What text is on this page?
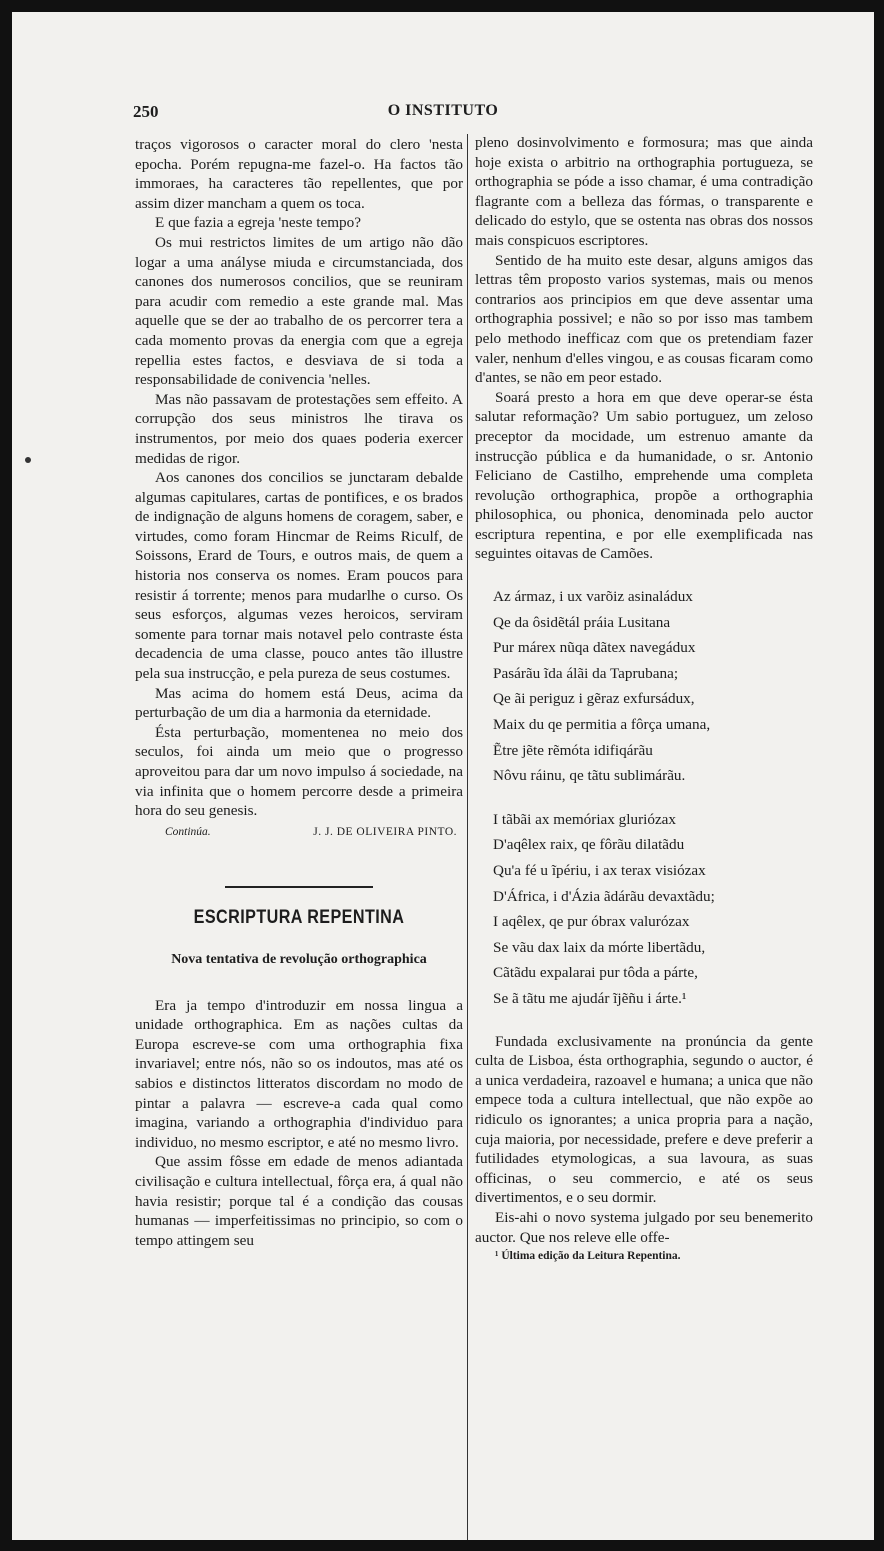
250	O INSTITUTO

traços vigorosos o caracter moral do clero 'nesta epocha. Porém repugna-me fazel-o. Ha factos tão immoraes, ha caracteres tão repellentes, que por assim dizer mancham a quem os toca.

E que fazia a egreja 'neste tempo?

Os mui restrictos limites de um artigo não dão logar a uma anályse miuda e circumstanciada, dos canones dos numerosos concilios, que se reuniram para acudir com remedio a este grande mal. Mas aquelle que se der ao trabalho de os percorrer tera a cada momento provas da energia com que a egreja repellia estes factos, e desviava de si toda a responsabilidade de conivencia 'nelles.

Mas não passavam de protestações sem effeito. A corrupção dos seus ministros lhe tirava os instrumentos, por meio dos quaes poderia exercer medidas de rigor.

Aos canones dos concilios se junctaram debalde algumas capitulares, cartas de pontifices, e os brados de indignação de alguns homens de coragem, saber, e virtudes, como foram Hincmar de Reims Riculf, de Soissons, Erard de Tours, e outros mais, de quem a historia nos conserva os nomes. Eram poucos para resistir á torrente; menos para mudarlhe o curso. Os seus esforços, algumas vezes heroicos, serviram somente para tornar mais notavel pelo contraste ésta decadencia de uma classe, pouco antes tão illustre pela sua instrucção, e pela pureza de seus costumes.

Mas acima do homem está Deus, acima da perturbação de um dia a harmonia da eternidade.

Ésta perturbação, momentenea no meio dos seculos, foi ainda um meio que o progresso aproveitou para dar um novo impulso á sociedade, na via infinita que o homem percorre desde a primeira hora do seu genesis.

Continúa.	J. J. DE OLIVEIRA PINTO.
ESCRIPTURA REPENTINA
Nova tentativa de revolução orthographica

Era ja tempo d'introduzir em nossa lingua a unidade orthographica. Em as nações cultas da Europa escreve-se com uma orthographia fixa invariavel; entre nós, não so os indoutos, mas até os sabios e distinctos litteratos discordam no modo de pintar a palavra — escreve-a cada qual como imagina, variando a orthographia d'individuo para individuo, no mesmo escriptor, e até no mesmo livro.

Que assim fôsse em edade de menos adiantada civilisação e cultura intellectual, fôrça era, á qual não havia resistir; porque tal é a condição das cousas humanas — imperfeitissimas no principio, so com o tempo attingem seu

pleno dosinvolvimento e formosura; mas que ainda hoje exista o arbitrio na orthographia portugueza, se orthographia se póde a isso chamar, é uma contradição flagrante com a belleza das fórmas, o transparente e delicado do estylo, que se ostenta nas obras dos nossos mais conspicuos escriptores.

Sentido de ha muito este desar, alguns amigos das lettras têm proposto varios systemas, mais ou menos contrarios aos principios em que deve assentar uma orthographia possivel; e não so por isso mas tambem pelo methodo inefficaz com que os pretendiam fazer valer, nenhum d'elles vingou, e as cousas ficaram como d'antes, se não em peor estado.

Soará presto a hora em que deve operar-se ésta salutar reformação? Um sabio portuguez, um zeloso preceptor da mocidade, um estrenuo amante da instrucção pública e da humanidade, o sr. Antonio Feliciano de Castilho, emprehende uma completa revolução orthographica, propõe a orthographia philosophica, ou phonica, denominada pelo auctor escriptura repentina, e por elle exemplificada nas seguintes oitavas de Camões.

Az ármaz, i ux varõiz asinaládux
Qe da ôsidẽtál práia Lusitana
Pur márex nũqa dãtex navegádux
Pasárãu ĩda álãi da Taprubana;
Qe ãi periguz i gẽraz exfursádux,
Maix du qe permitia a fôrça umana,
Ẽtre jẽte rẽmóta idifiqárãu
Nôvu ráinu, qe tãtu sublimárãu.
I tãbãi ax memóriax gluriózax
D'aqêlex raix, qe fôrãu dilatãdu
Qu'a fé u ĩpériu, i ax terax visiózax
D'África, i d'Ázia ãdárãu devaxtãdu;
I aqêlex, qe pur óbrax valurózax
Se vãu dax laix da mórte libertãdu,
Cãtãdu expalarai pur tôda a párte,
Se ã tãtu me ajudár ĩjẽñu i árte.¹

Fundada exclusivamente na pronúncia da gente culta de Lisboa, ésta orthographia, segundo o auctor, é a unica verdadeira, razoavel e humana; a unica que não empece toda a cultura intellectual, que não expõe ao ridiculo os ignorantes; a unica propria para a nação, cuja maioria, por necessidade, prefere e deve preferir a futilidades etymologicas, a sua lavoura, as suas officinas, o seu commercio, e até os seus divertimentos, e o seu dormir.

Eis-ahi o novo systema julgado por seu benemerito auctor. Que nos releve elle offe-

¹ Última edição da Leitura Repentina.
